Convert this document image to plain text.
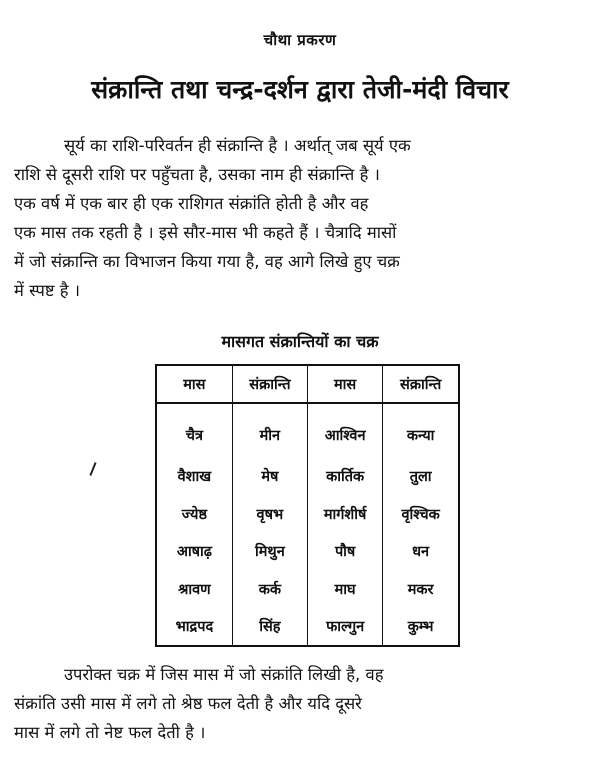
चौथा प्रकरण
संक्रान्ति तथा चन्द्र-दर्शन द्वारा तेजी-मंदी विचार

सूर्य का राशि-परिवर्तन ही संक्रान्ति है । अर्थात् जब सूर्य एक
राशि से दूसरी राशि पर पहुँचता है, उसका नाम ही संक्रान्ति है ।
एक वर्ष में एक बार ही एक राशिगत संक्रांति होती है और वह
एक मास तक रहती है । इसे सौर-मास भी कहते हैं । चैत्रादि मासों
में जो संक्रान्ति का विभाजन किया गया है, वह आगे लिखे हुए चक्र
में स्पष्ट है ।

मासगत संक्रान्तियों का चक्र
मास	संक्रान्ति	मास	संक्रान्ति
चैत्र	मीन	आश्विन	कन्या
वैशाख	मेष	कार्तिक	तुला
ज्येष्ठ	वृषभ	मार्गशीर्ष	वृश्चिक
आषाढ़	मिथुन	पौष	धन
श्रावण	कर्क	माघ	मकर
भाद्रपद	सिंह	फाल्गुन	कुम्भ

उपरोक्त चक्र में जिस मास में जो संक्रांति लिखी है, वह
संक्रांति उसी मास में लगे तो श्रेष्ठ फल देती है और यदि दूसरे
मास में लगे तो नेष्ट फल देती है ।
